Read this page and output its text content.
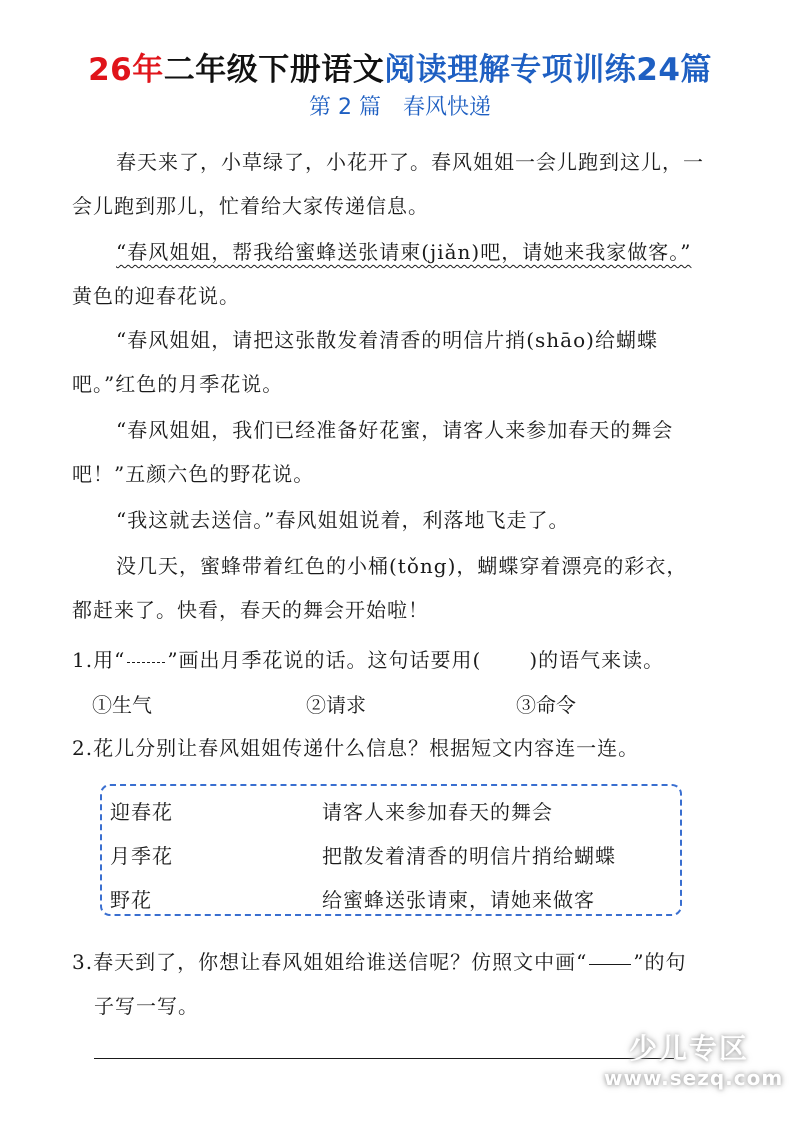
26年二年级下册语文阅读理解专项训练24篇
第 2 篇 春风快递
春天来了，小草绿了，小花开了。春风姐姐一会儿跑到这儿，一
会儿跑到那儿，忙着给大家传递信息。
“春风姐姐，帮我给蜜蜂送张请柬(jiǎn)吧，请她来我家做客。”
黄色的迎春花说。
“春风姐姐，请把这张散发着清香的明信片捎(shāo)给蝴蝶
吧。”红色的月季花说。
“春风姐姐，我们已经准备好花蜜，请客人来参加春天的舞会
吧！”五颜六色的野花说。
“我这就去送信。”春风姐姐说着，利落地飞走了。
没几天，蜜蜂带着红色的小桶(tǒng)，蝴蝶穿着漂亮的彩衣，
都赶来了。快看，春天的舞会开始啦！
1.用“ ”画出月季花说的话。这句话要用( )的语气来读。
①生气	②请求	③命令
2.花儿分别让春风姐姐传递什么信息？根据短文内容连一连。
迎春花	请客人来参加春天的舞会
月季花	把散发着清香的明信片捎给蝴蝶
野花	给蜜蜂送张请柬，请她来做客
3.春天到了，你想让春风姐姐给谁送信呢？仿照文中画“ ”的句
子写一写。
少儿专区
www.sezq.com
